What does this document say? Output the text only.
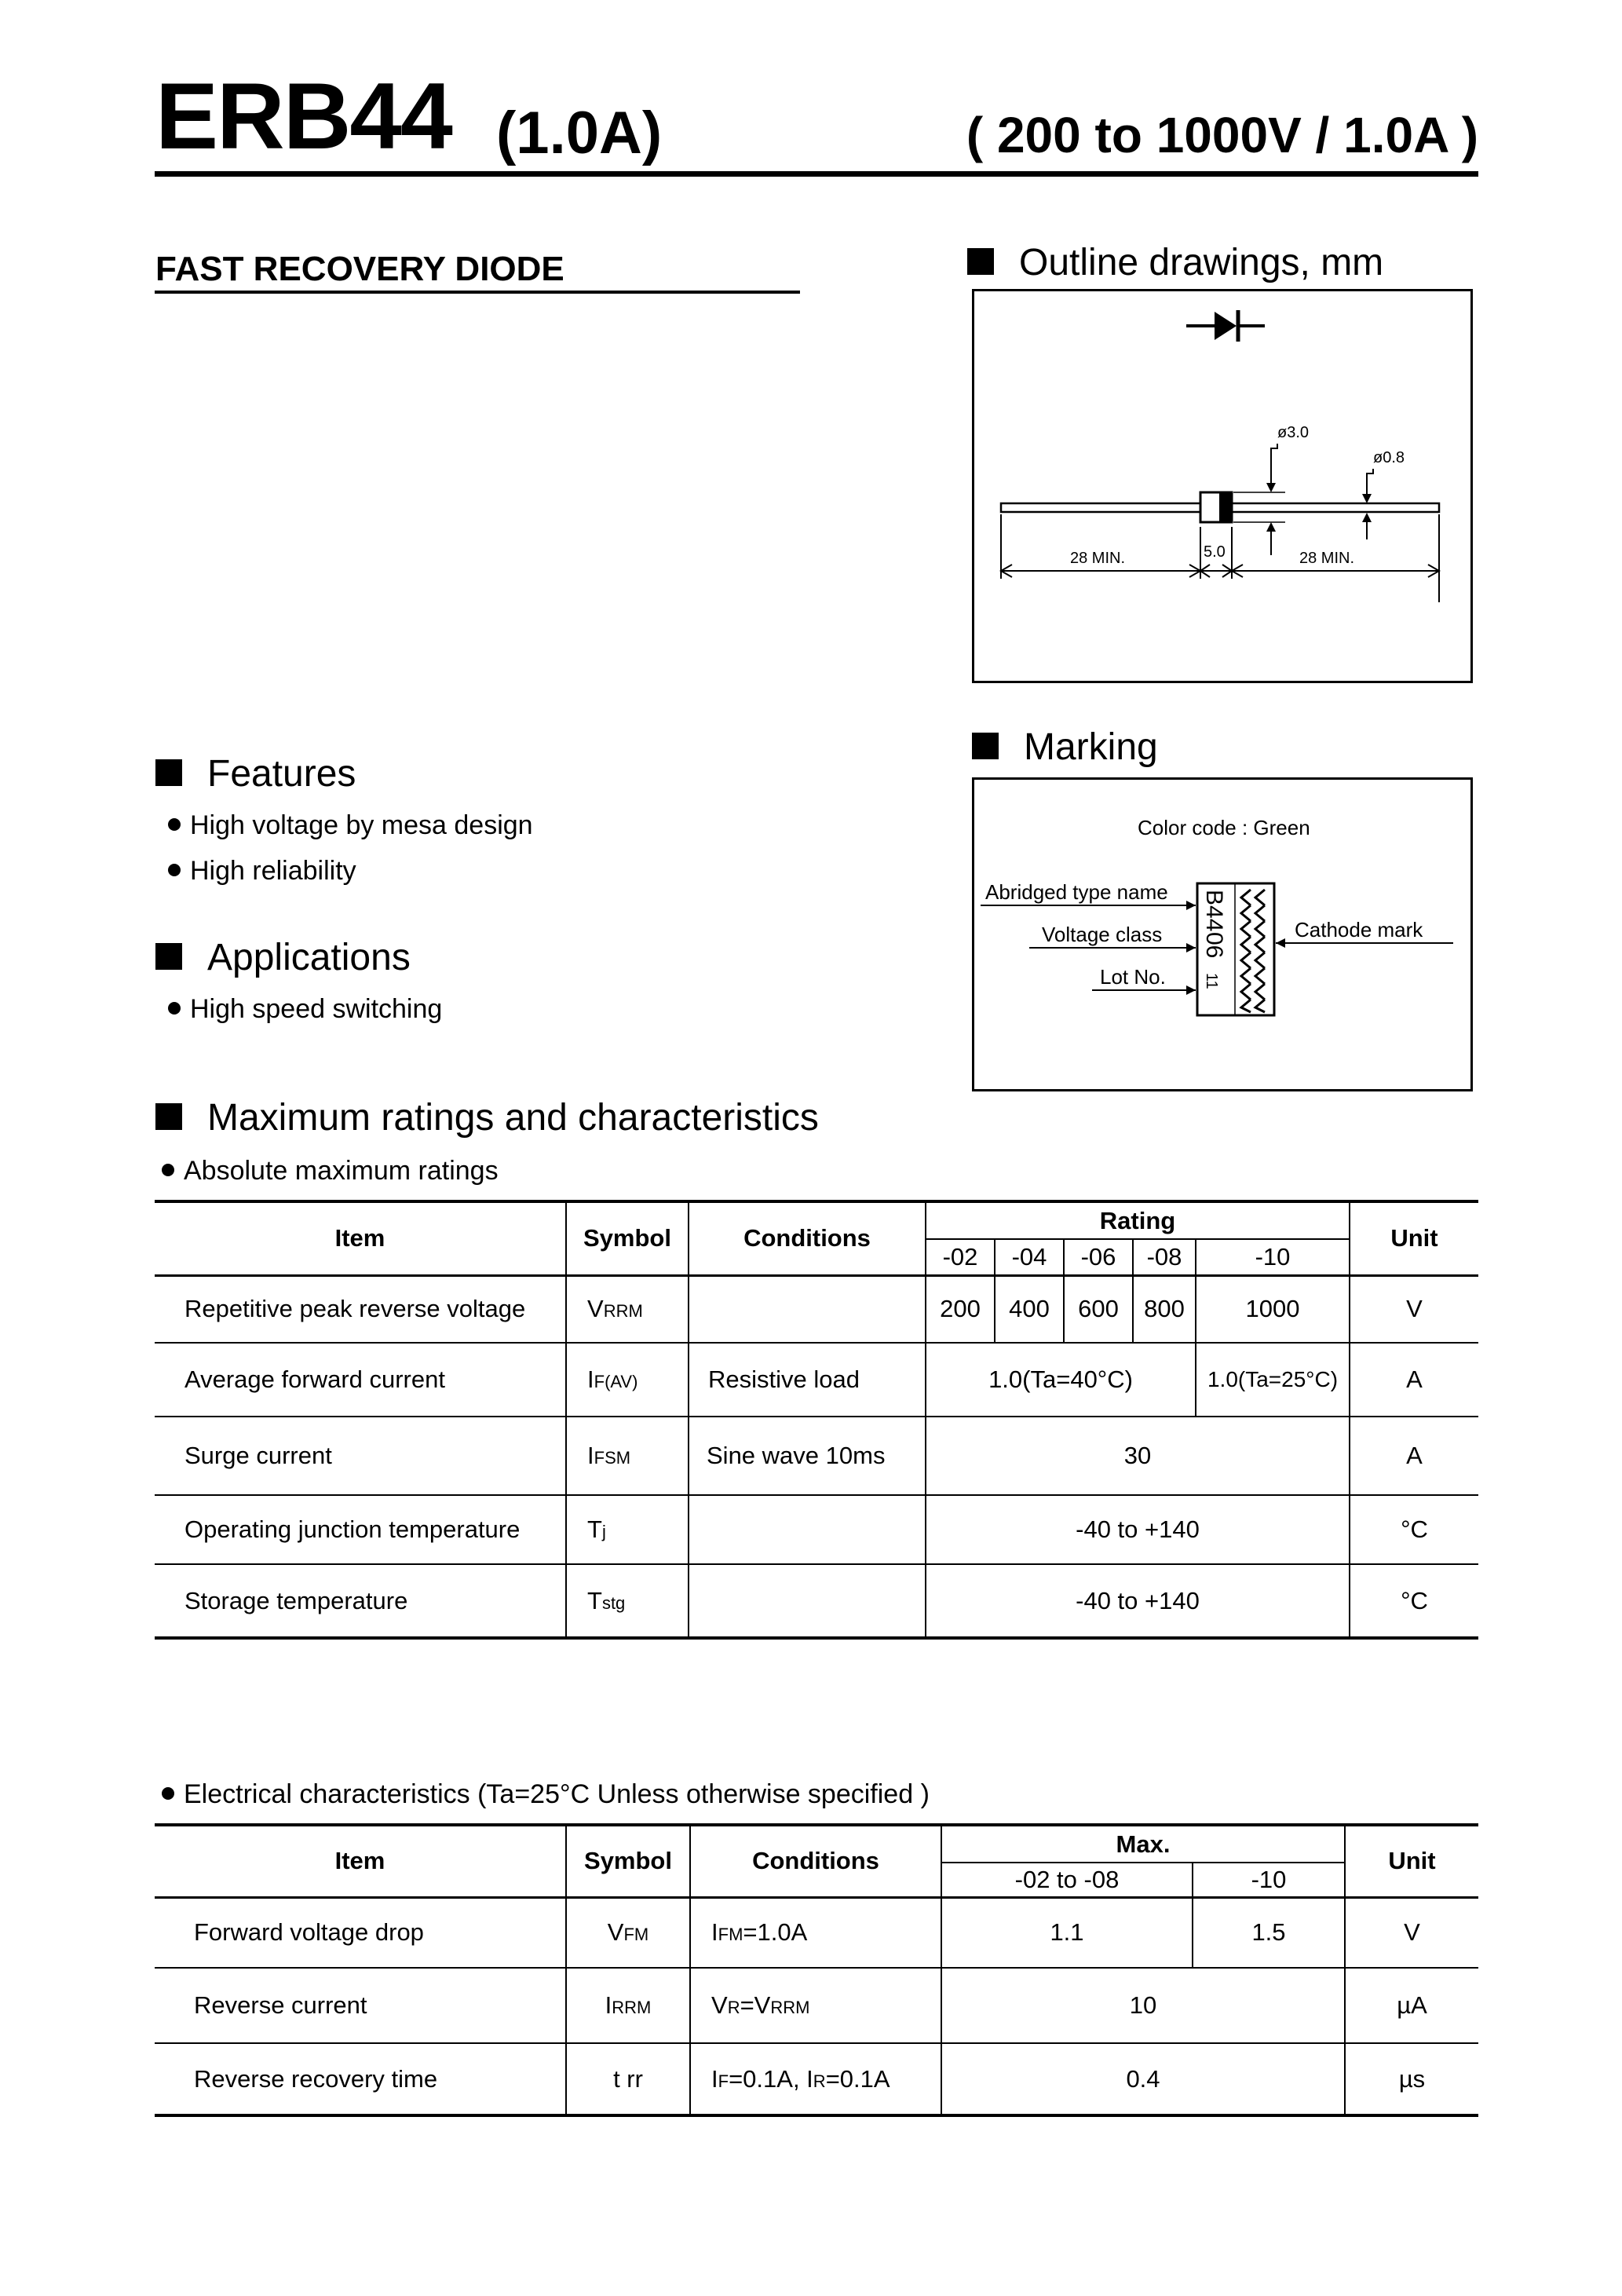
ERB44 (1.0A)	( 200 to 1000V / 1.0A )
FAST RECOVERY DIODE	Outline drawings, mm
ø3.0
ø0.8
28 MIN.	5.0	28 MIN.
Marking
Color code : Green
B44
06
11
Abridged type name
Voltage class
Lot No.
Cathode mark
Features
High voltage by mesa design
High reliability
Applications
High speed switching
Maximum ratings and characteristics
Absolute maximum ratings
Item	Symbol	Conditions	Rating					Unit
			-02	-04	-06	-08	-10	
Repetitive peak reverse voltage	VRRM		200	400	600	800	1000	V
Average forward current	IF(AV)	Resistive load	1.0(Ta=40°C)				1.0(Ta=25°C)	A
Surge current	IFSM	Sine wave 10ms	30					A
Operating junction temperature	Tj		-40 to +140					°C
Storage temperature	Tstg		-40 to +140					°C
Electrical characteristics (Ta=25°C Unless otherwise specified )
Item	Symbol	Conditions	Max.		Unit
			-02 to -08	-10	
Forward voltage drop	VFM	IFM=1.0A	1.1	1.5	V
Reverse current	IRRM	VR=VRRM	10		µA
Reverse recovery time	t rr	IF=0.1A, IR=0.1A	0.4		µs
